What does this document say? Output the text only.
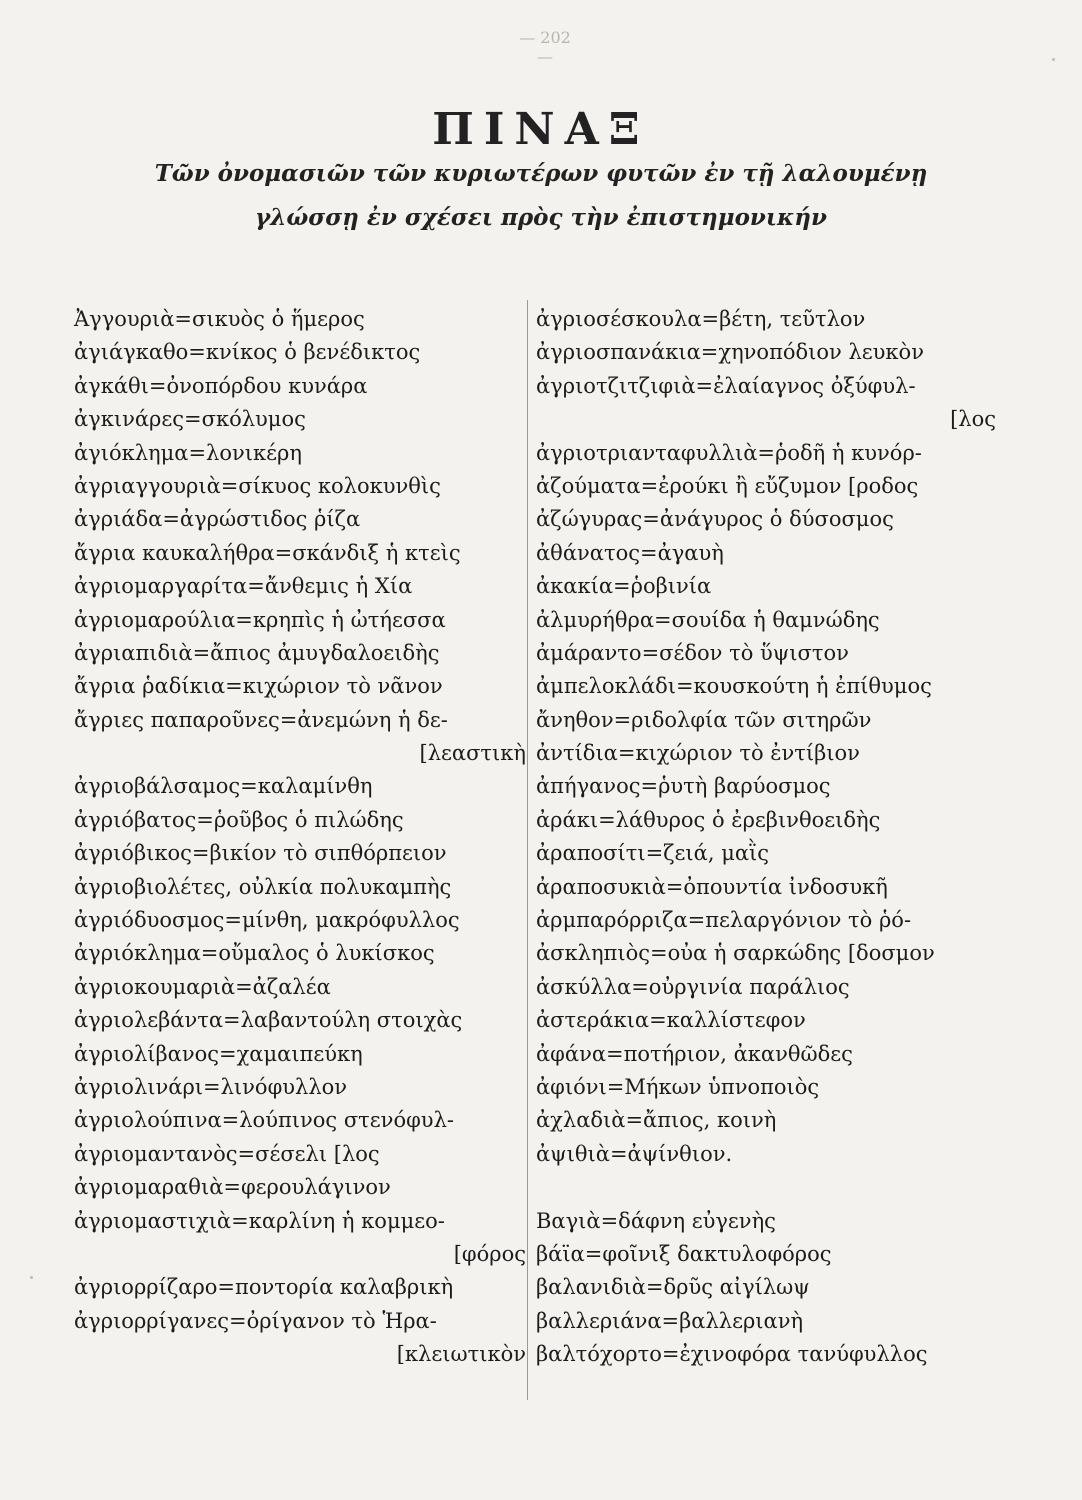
— 202 —
ΠΙΝΑΞ
Τῶν ὀνομασιῶν τῶν κυριωτέρων φυτῶν ἐν τῇ λαλουμένῃ
γλώσσῃ ἐν σχέσει πρὸς τὴν ἐπιστημονικήν
Ἀγγουριὰ=σικυὸς ὁ ἥμερος
ἀγιάγκαθο=κνίκος ὁ βενέδικτος
ἀγκάθι=ὀνοπόρδου κυνάρα
ἀγκινάρες=σκόλυμος
ἀγιόκλημα=λονικέρη
ἀγριαγγουριὰ=σίκυος κολοκυνθὶς
ἀγριάδα=ἀγρώστιδος ῥίζα
ἄγρια καυκαλήθρα=σκάνδιξ ἡ κτεὶς
ἀγριομαργαρίτα=ἄνθεμις ἡ Χία
ἀγριομαρούλια=κρηπὶς ἡ ὠτήεσσα
ἀγριαπιδιὰ=ἄπιος ἀμυγδαλοειδὴς
ἄγρια ῥαδίκια=κιχώριον τὸ νᾶνον
ἄγριες παπαροῦνες=ἀνεμώνη ἡ δε-
[λεαστικὴ
ἀγριοβάλσαμος=καλαμίνθη
ἀγριόβατος=ῥοῦβος ὁ πιλώδης
ἀγριόβικος=βικίον τὸ σιπθόρπειον
ἀγριοβιολέτες, οὐλκία πολυκαμπὴς
ἀγριόδυοσμος=μίνθη, μακρόφυλλος
ἀγριόκλημα=οὔμαλος ὁ λυκίσκος
ἀγριοκουμαριὰ=ἀζαλέα
ἀγριολεβάντα=λαβαντούλη στοιχὰς
ἀγριολίβανος=χαμαιπεύκη
ἀγριολινάρι=λινόφυλλον
ἀγριολούπινα=λούπινος στενόφυλ-
ἀγριομαντανὸς=σέσελι [λος
ἀγριομαραθιὰ=φερουλάγινον
ἀγριομαστιχιὰ=καρλίνη ἡ κομμεο-
[φόρος
ἀγριορρίζαρο=ποντορία καλαβρικὴ
ἀγριορρίγανες=ὀρίγανον τὸ Ἡρα-
[κλειωτικὸν
ἀγριοσέσκουλα=βέτη, τεῦτλον
ἀγριοσπανάκια=χηνοπόδιον λευκὸν
ἀγριοτζιτζιφιὰ=ἐλαίαγνος ὀξύφυλ-
[λος
ἀγριοτριανταφυλλιὰ=ῥοδῆ ἡ κυνόρ-
ἀζούματα=ἐρούκι ἢ εὔζυμον [ροδος
ἀζώγυρας=ἀνάγυρος ὁ δύσοσμος
ἀθάνατος=ἀγαυὴ
ἀκακία=ῥοβινία
ἀλμυρήθρα=σουίδα ἡ θαμνώδης
ἀμάραντο=σέδον τὸ ὕψιστον
ἀμπελοκλάδι=κουσκούτη ἡ ἐπίθυμος
ἄνηθον=ριδολφία τῶν σιτηρῶν
ἀντίδια=κιχώριον τὸ ἐντίβιον
ἀπήγανος=ῥυτὴ βαρύοσμος
ἀράκι=λάθυρος ὁ ἐρεβινθοειδὴς
ἀραποσίτι=ζειά, μαῒς
ἀραποσυκιὰ=ὀπουντία ἰνδοσυκῆ
ἀρμπαρόρριζα=πελαργόνιον τὸ ῥό-
ἀσκληπιὸς=οὐα ἡ σαρκώδης [δοσμον
ἀσκύλλα=οὐργινία παράλιος
ἀστεράκια=καλλίστεφον
ἀφάνα=ποτήριον, ἀκανθῶδες
ἀφιόνι=Μήκων ὑπνοποιὸς
ἀχλαδιὰ=ἄπιος, κοινὴ
ἀψιθιὰ=ἀψίνθιον.
Βαγιὰ=δάφνη εὐγενὴς
βάϊα=φοῖνιξ δακτυλοφόρος
βαλανιδιὰ=δρῦς αἰγίλωψ
βαλλεριάνα=βαλλεριανὴ
βαλτόχορτο=ἐχινοφόρα τανύφυλλος
